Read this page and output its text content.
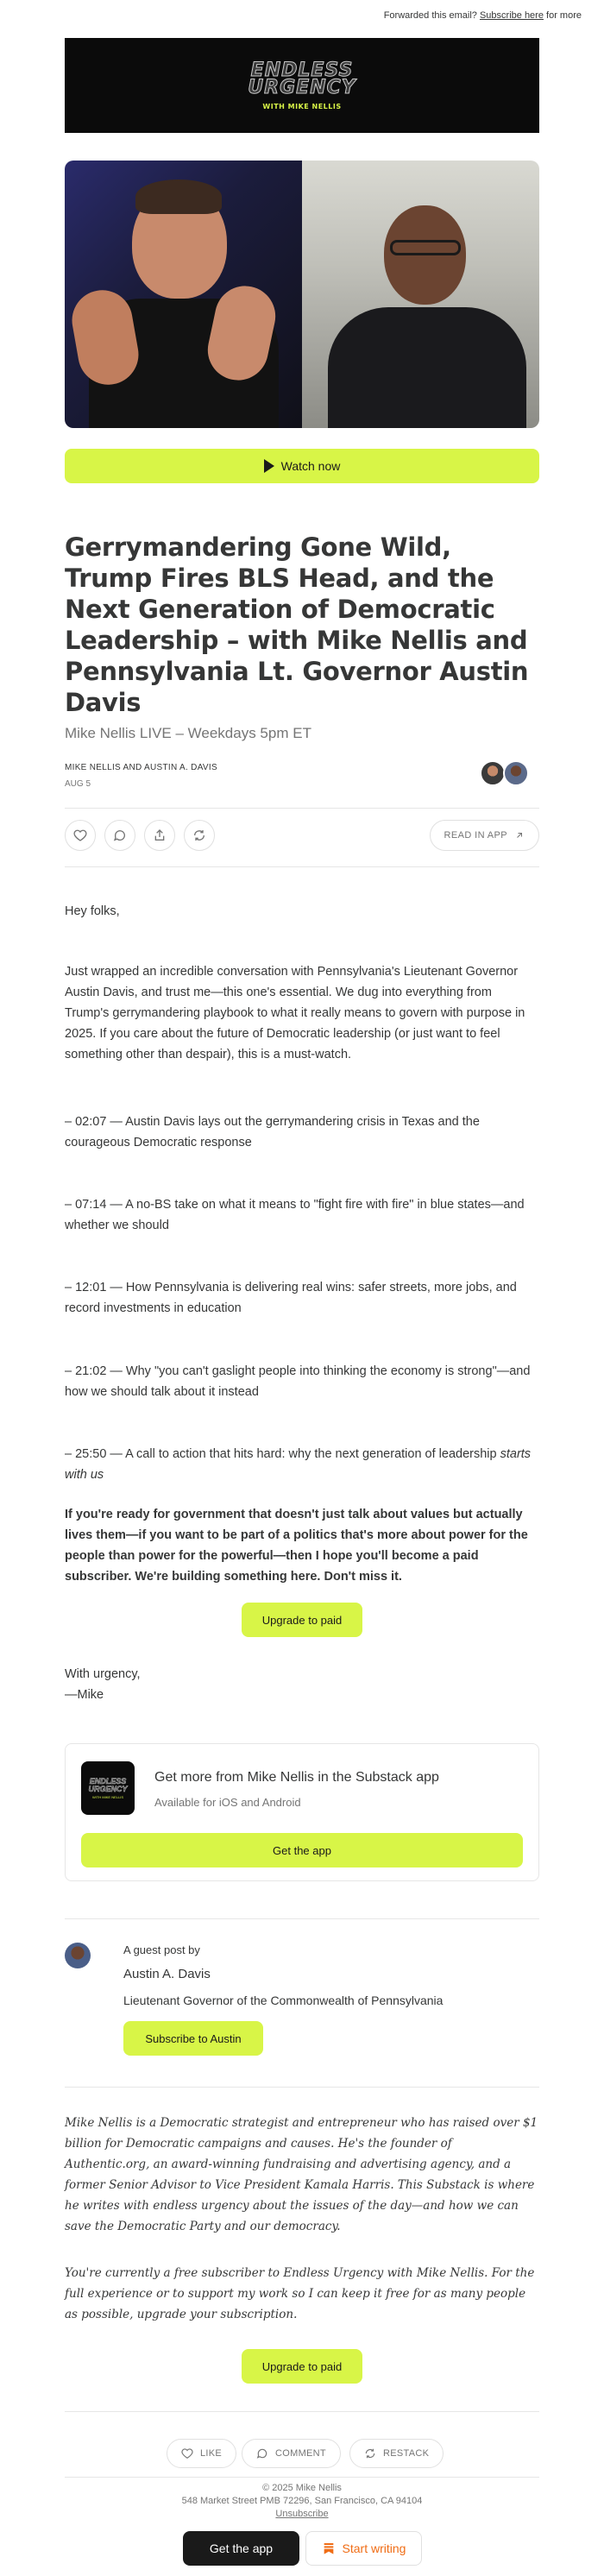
Forwarded this email? Subscribe here for more
ENDLESS
URGENCY
WITH MIKE NELLIS
Watch now
Gerrymandering Gone Wild, Trump Fires BLS Head, and the Next Generation of Democratic Leadership – with Mike Nellis and Pennsylvania Lt. Governor Austin Davis
Mike Nellis LIVE – Weekdays 5pm ET
MIKE NELLIS AND AUSTIN A. DAVIS
AUG 5
READ IN APP

Hey folks,

Just wrapped an incredible conversation with Pennsylvania's Lieutenant Governor Austin Davis, and trust me—this one's essential. We dug into everything from Trump's gerrymandering playbook to what it really means to govern with purpose in 2025. If you care about the future of Democratic leadership (or just want to feel something other than despair), this is a must-watch.

– 02:07 — Austin Davis lays out the gerrymandering crisis in Texas and the courageous Democratic response

– 07:14 — A no-BS take on what it means to "fight fire with fire" in blue states—and whether we should

– 12:01 — How Pennsylvania is delivering real wins: safer streets, more jobs, and record investments in education

– 21:02 — Why "you can't gaslight people into thinking the economy is strong"—and how we should talk about it instead

– 25:50 — A call to action that hits hard: why the next generation of leadership starts with us

If you're ready for government that doesn't just talk about values but actually lives them—if you want to be part of a politics that's more about power for the people than power for the powerful—then I hope you'll become a paid subscriber. We're building something here. Don't miss it.

Upgrade to paid

With urgency,

—Mike

ENDLESS
URGENCY
WITH MIKE NELLIS
Get more from Mike Nellis in the Substack app
Available for iOS and Android
Get the app
A guest post by
Austin A. Davis
Lieutenant Governor of the Commonwealth of Pennsylvania
Subscribe to Austin

Mike Nellis is a Democratic strategist and entrepreneur who has raised over $1 billion for Democratic campaigns and causes. He's the founder of Authentic.org, an award-winning fundraising and advertising agency, and a former Senior Advisor to Vice President Kamala Harris. This Substack is where he writes with endless urgency about the issues of the day—and how we can save the Democratic Party and our democracy.

You're currently a free subscriber to Endless Urgency with Mike Nellis. For the full experience or to support my work so I can keep it free for as many people as possible, upgrade your subscription.

Upgrade to paid
LIKE	COMMENT	RESTACK
© 2025 Mike Nellis
548 Market Street PMB 72296, San Francisco, CA 94104
Unsubscribe
Get the app	Start writing
